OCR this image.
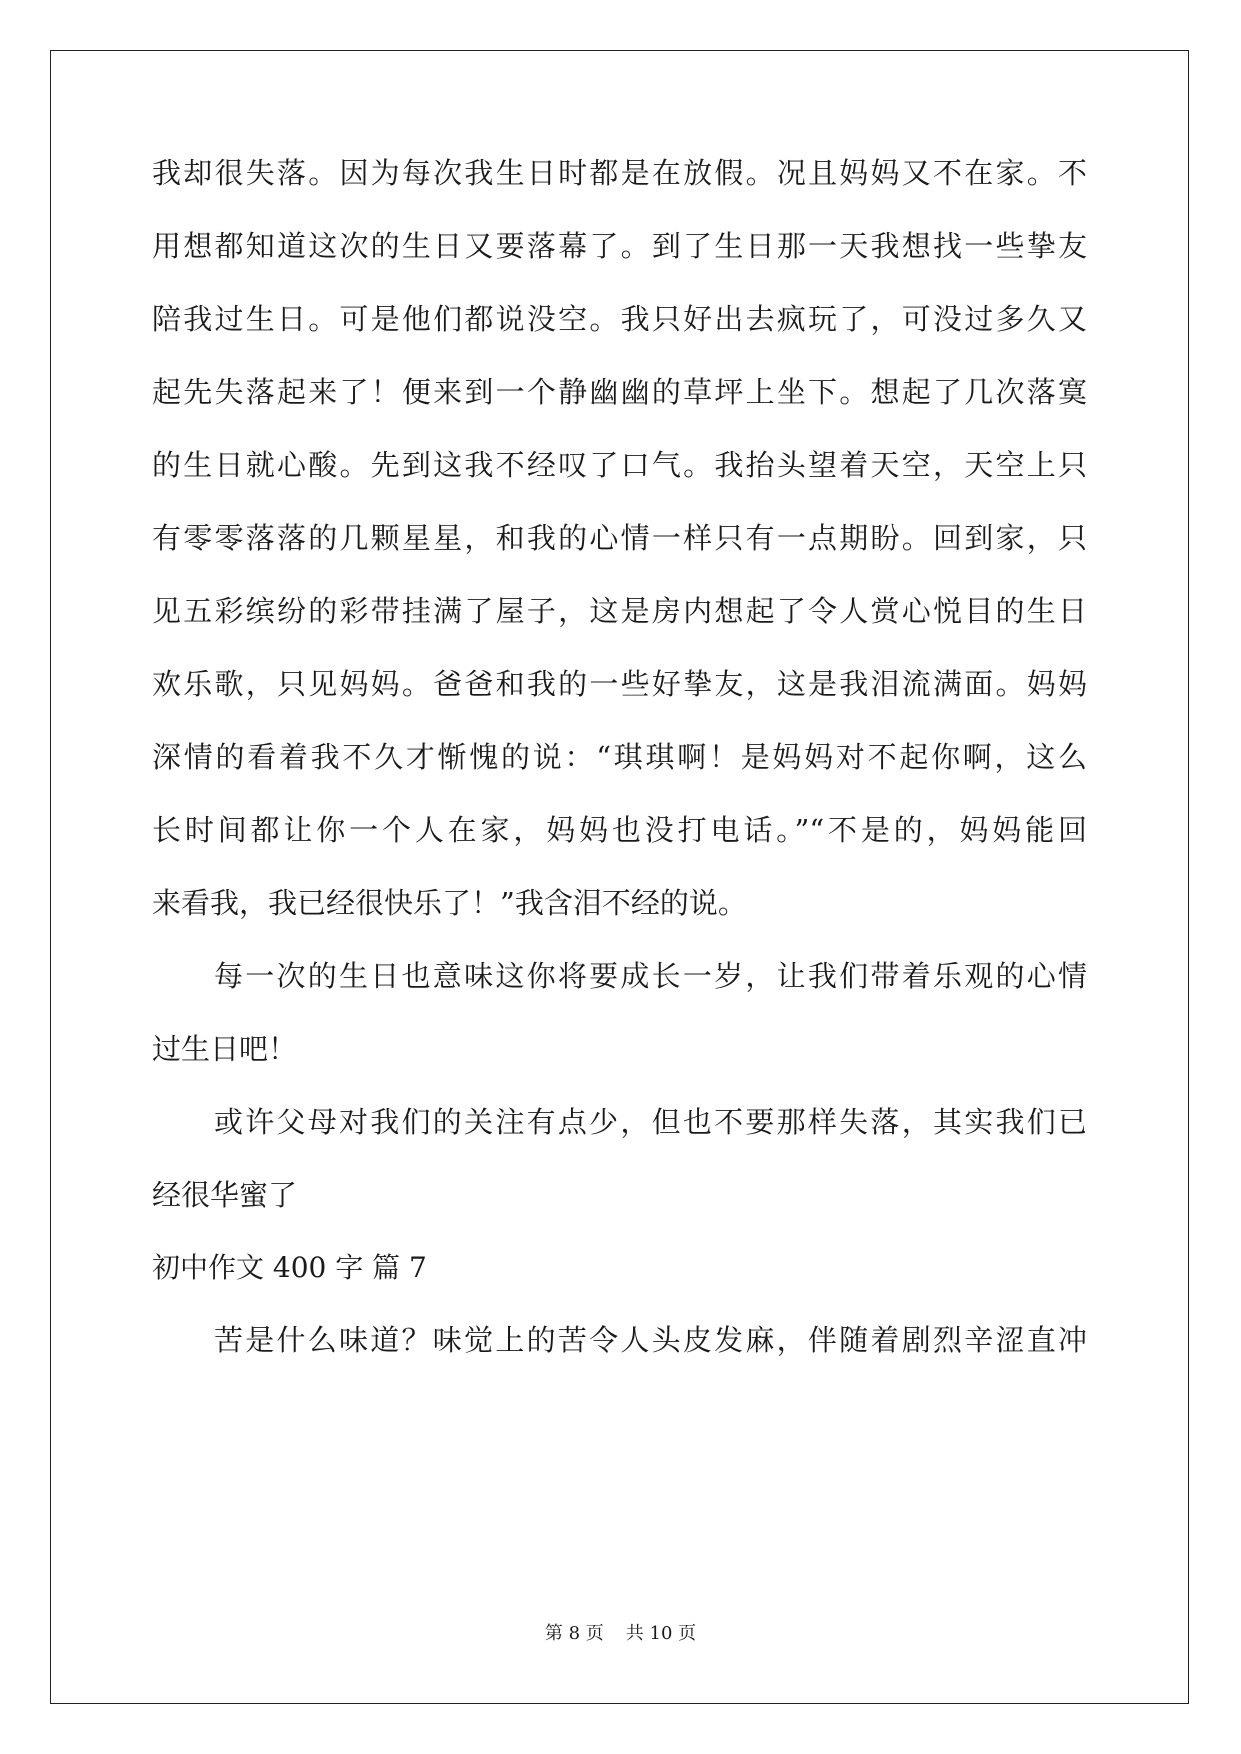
我却很失落。因为每次我生日时都是在放假。况且妈妈又不在家。不
用想都知道这次的生日又要落幕了。到了生日那一天我想找一些挚友
陪我过生日。可是他们都说没空。我只好出去疯玩了，可没过多久又
起先失落起来了！便来到一个静幽幽的草坪上坐下。想起了几次落寞
的生日就心酸。先到这我不经叹了口气。我抬头望着天空，天空上只
有零零落落的几颗星星，和我的心情一样只有一点期盼。回到家，只
见五彩缤纷的彩带挂满了屋子，这是房内想起了令人赏心悦目的生日
欢乐歌，只见妈妈。爸爸和我的一些好挚友，这是我泪流满面。妈妈
深情的看着我不久才惭愧的说：“琪琪啊！是妈妈对不起你啊，这么
长时间都让你一个人在家，妈妈也没打电话。”“不是的，妈妈能回
来看我，我已经很快乐了！”我含泪不经的说。
每一次的生日也意味这你将要成长一岁，让我们带着乐观的心情
过生日吧！
或许父母对我们的关注有点少，但也不要那样失落，其实我们已
经很华蜜了
初中作文 400 字 篇 7
苦是什么味道？味觉上的苦令人头皮发麻，伴随着剧烈辛涩直冲
第 8 页 共 10 页
